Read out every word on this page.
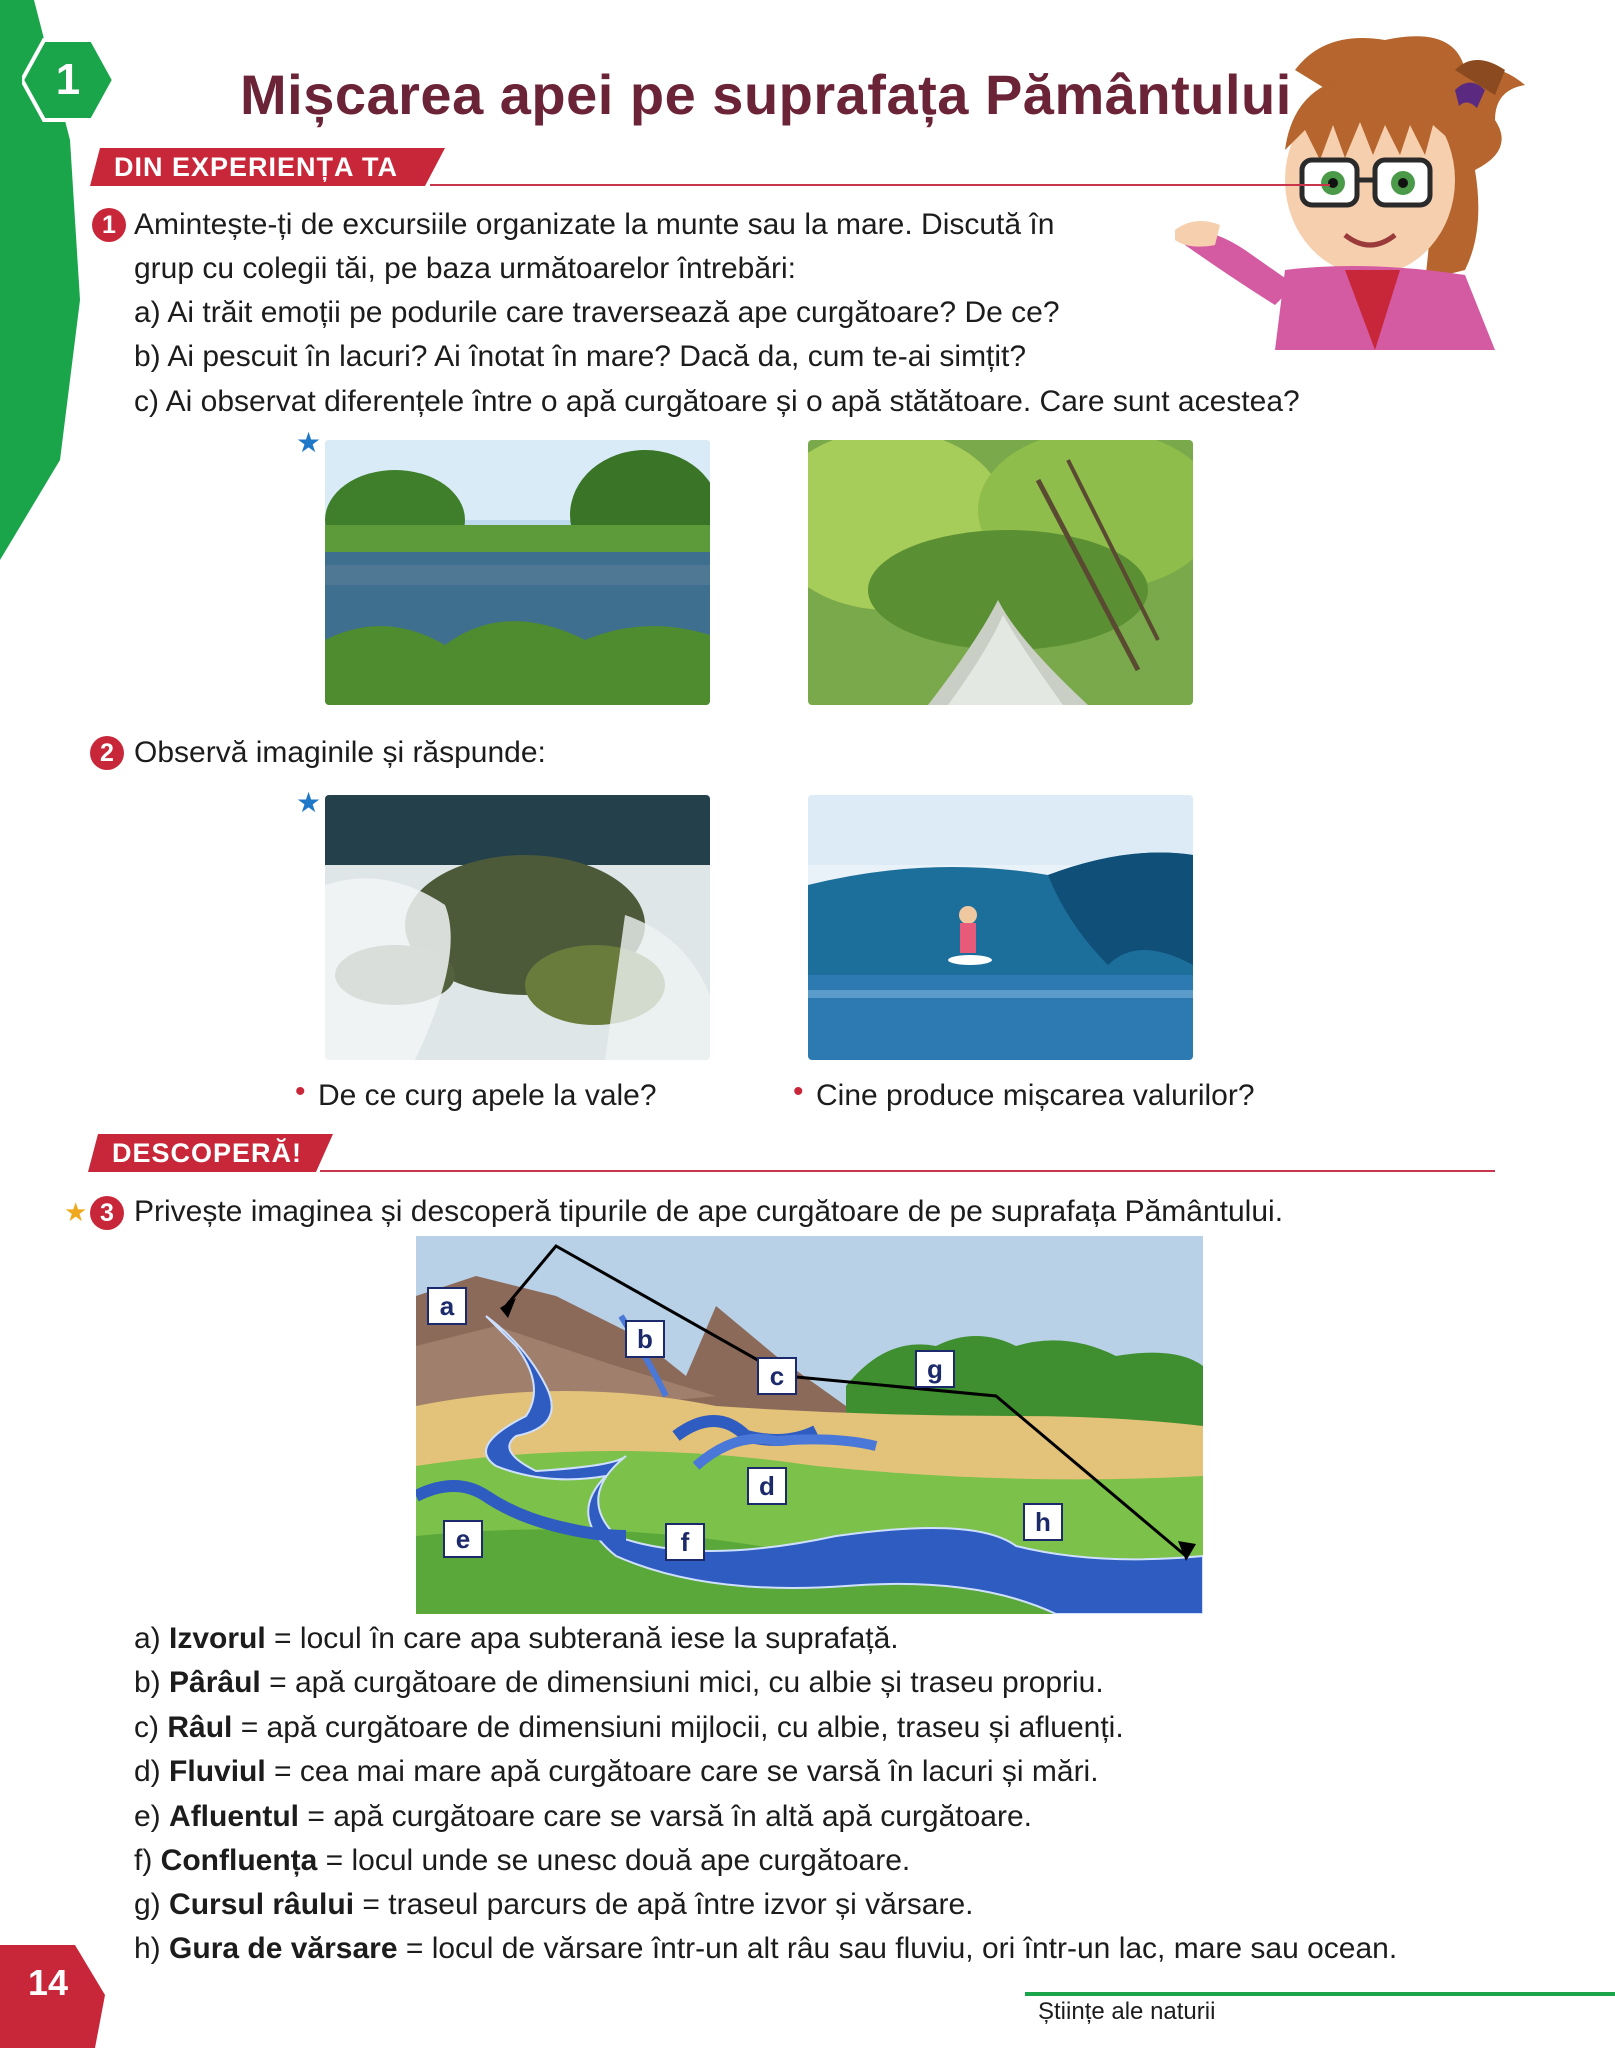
1	Mișcarea apei pe suprafața Pământului
DIN EXPERIENȚA TA
1 Amintește-ți de excursiile organizate la munte sau la mare. Discută în
grup cu colegii tăi, pe baza următoarelor întrebări:
a) Ai trăit emoții pe podurile care traversează ape curgătoare? De ce?
b) Ai pescuit în lacuri? Ai înotat în mare? Dacă da, cum te-ai simțit?
c) Ai observat diferențele între o apă curgătoare și o apă stătătoare. Care sunt acestea?
★
2 Observă imaginile și răspunde:
★
• De ce curg apele la vale?	• Cine produce mișcarea valurilor?
DESCOPERĂ!
★ 3 Privește imaginea și descoperă tipurile de ape curgătoare de pe suprafața Pământului.
a
b
c
d
e	f
g
h
a) Izvorul = locul în care apa subterană iese la suprafață.
b) Pârâul = apă curgătoare de dimensiuni mici, cu albie și traseu propriu.
c) Râul = apă curgătoare de dimensiuni mijlocii, cu albie, traseu și afluenți.
d) Fluviul = cea mai mare apă curgătoare care se varsă în lacuri și mări.
e) Afluentul = apă curgătoare care se varsă în altă apă curgătoare.
f) Confluența = locul unde se unesc două ape curgătoare.
g) Cursul râului = traseul parcurs de apă între izvor și vărsare.
h) Gura de vărsare = locul de vărsare într-un alt râu sau fluviu, ori într-un lac, mare sau ocean.
14
Științe ale naturii
